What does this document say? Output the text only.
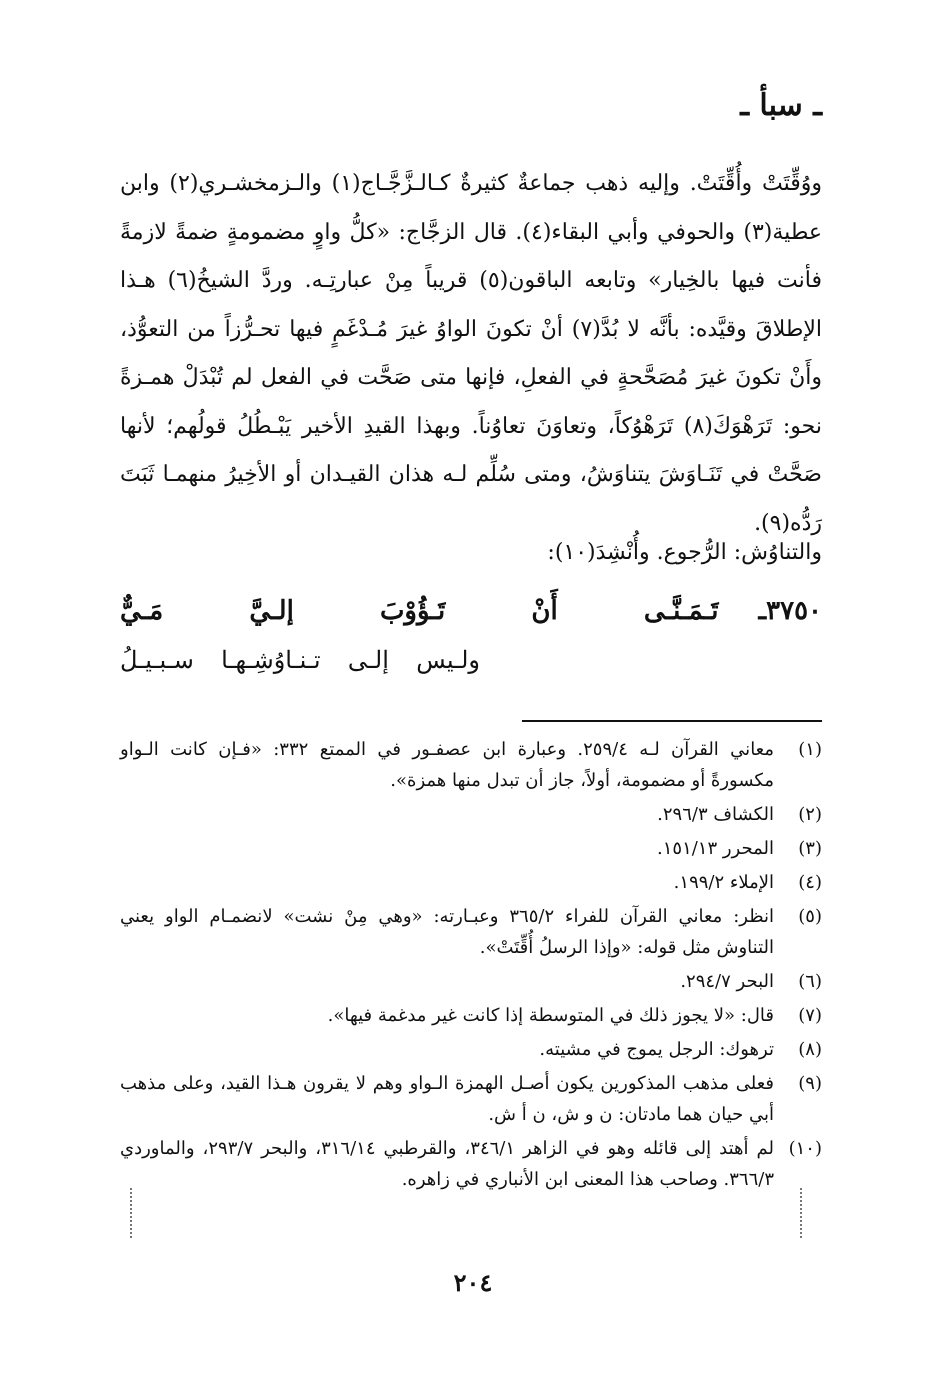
ـ سبأ ـ

ووُقِّتَتْ وأُقِّتَتْ. وإليه ذهب جماعةٌ كثيرةٌ كـالـزَّجَّـاج(١) والـزمخشـري(٢) وابن عطية(٣) والحوفي وأبي البقاء(٤). قال الزجَّاج: «كلُّ واوٍ مضمومةٍ ضمةً لازمةً فأنت فيها بالخِيار» وتابعه الباقون(٥) قريباً مِنْ عبارتِـه. وردَّ الشيخُ(٦) هـذا الإطلاقَ وقيَّده: بأنَّه لا بُدَّ(٧) أنْ تكونَ الواوُ غيرَ مُـدْغَمٍ فيها تحـرُّزاً من التعوُّذ، وأَنْ تكونَ غيرَ مُصَحَّحةٍ في الفعلِ، فإنها متى صَحَّت في الفعل لم تُبْدَلْ همـزةً نحو: تَرَهْوَكَ(٨) تَرَهْوُكاً، وتعاوَنَ تعاوُناً. وبهذا القيدِ الأخير يَبْـطُلُ قولُهم؛ لأنها صَحَّتْ في تَنَـاوَشَ يتناوَشُ، ومتى سُلِّم لـه هذان القيـدان أو الأخِيرُ منهمـا ثَبَتَ رَدُّه(٩).

والتناوُش: الرُّجوع. وأُنْشِدَ(١٠):
٣٧٥٠ـ
تَـمَـنَّـى أَنْ تَـؤُوْبَ إلـيَّ مَـيٌّ
ولـيس إلـى تـنـاوُشِـهـا سـبـيـلُ
(١)
معاني القرآن لـه ٢٥٩/٤. وعبارة ابن عصفـور في الممتع ٣٣٢: «فـإن كانت الـواو مكسورةً أو مضمومة، أولاً، جاز أن تبدل منها همزة».
(٢)
الكشاف ٢٩٦/٣.
(٣)
المحرر ١٥١/١٣.
(٤)
الإملاء ١٩٩/٢.
(٥)
انظر: معاني القرآن للفراء ٣٦٥/٢ وعبـارته: «وهي مِنْ نشت» لانضمـام الواو يعني التناوش مثل قوله: «وإذا الرسلُ أُقِّتَتْ».
(٦)
البحر ٢٩٤/٧.
(٧)
قال: «لا يجوز ذلك في المتوسطة إذا كانت غير مدغمة فيها».
(٨)
ترهوك: الرجل يموج في مشيته.
(٩)
فعلى مذهب المذكورين يكون أصـل الهمزة الـواو وهم لا يقرون هـذا القيد، وعلى مذهب أبي حيان هما مادتان: ن و ش، ن أ ش.
(١٠)
لم أهتد إلى قائله وهو في الزاهر ٣٤٦/١، والقرطبي ٣١٦/١٤، والبحر ٢٩٣/٧، والماوردي ٣٦٦/٣. وصاحب هذا المعنى ابن الأنباري في زاهره.
٢٠٤
